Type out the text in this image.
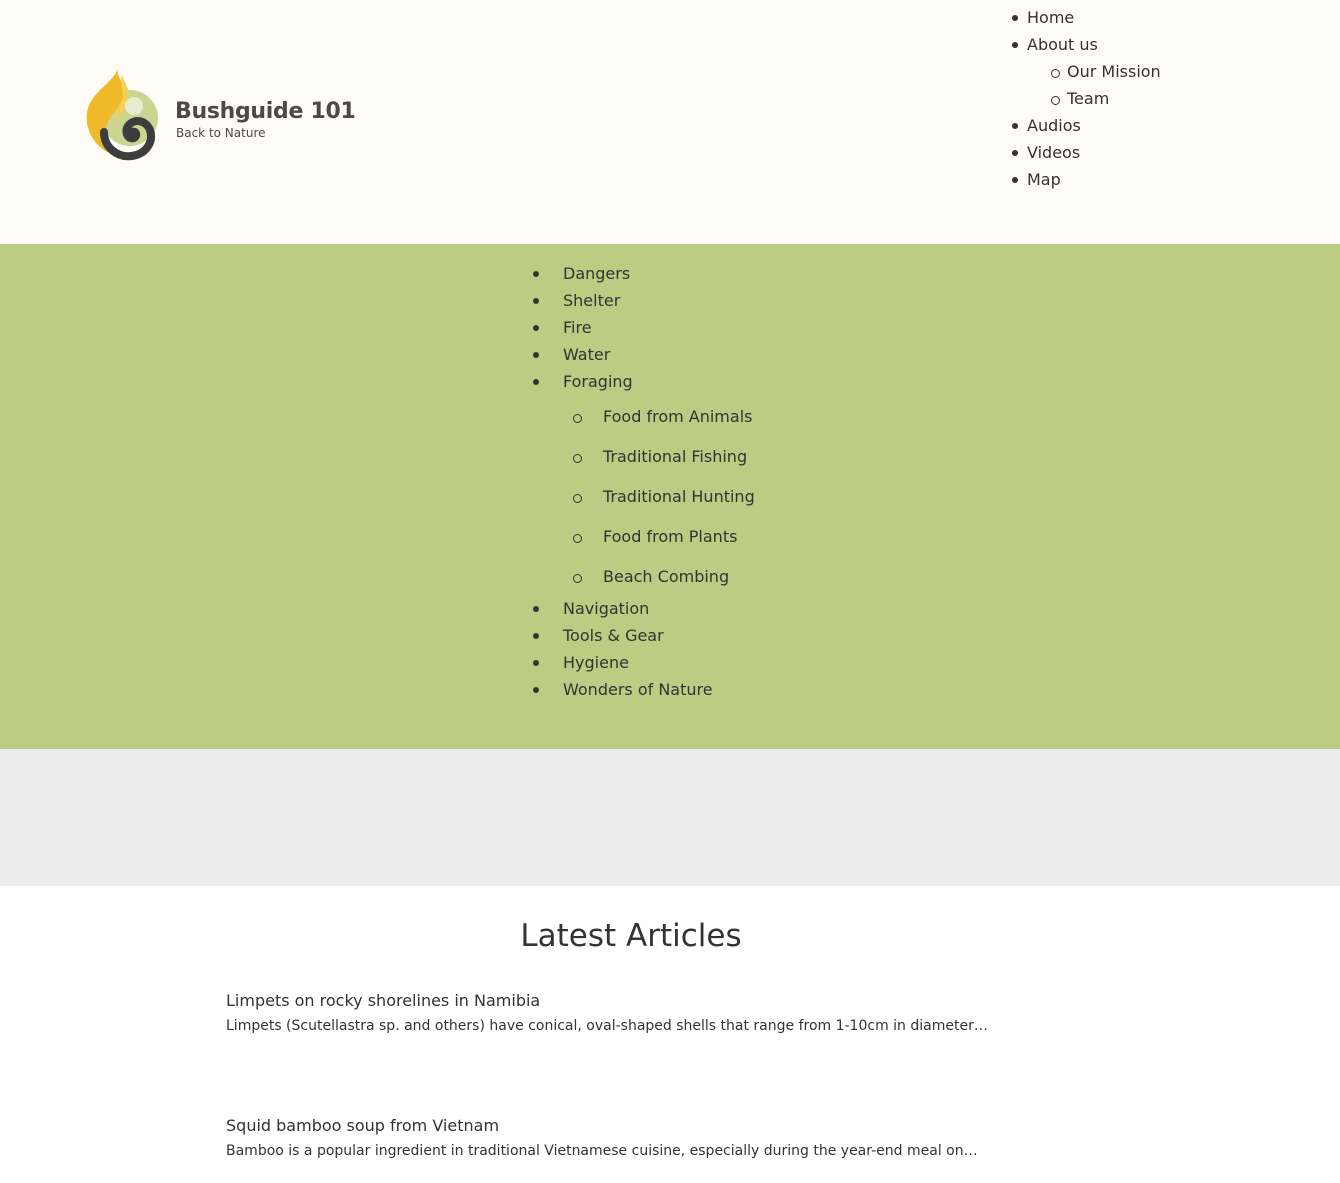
Bushguide 101
Back to Nature
Home
About us
Our Mission
Team
Audios
Videos
Map
Dangers
Shelter
Fire
Water
Foraging
Food from Animals
Traditional Fishing
Traditional Hunting
Food from Plants
Beach Combing
Navigation
Tools & Gear
Hygiene
Wonders of Nature
Latest Articles
Limpets on rocky shorelines in Namibia
Limpets (Scutellastra sp. and others) have conical, oval-shaped shells that range from 1-10cm in diameter…
Squid bamboo soup from Vietnam
Bamboo is a popular ingredient in traditional Vietnamese cuisine, especially during the year-end meal on…
